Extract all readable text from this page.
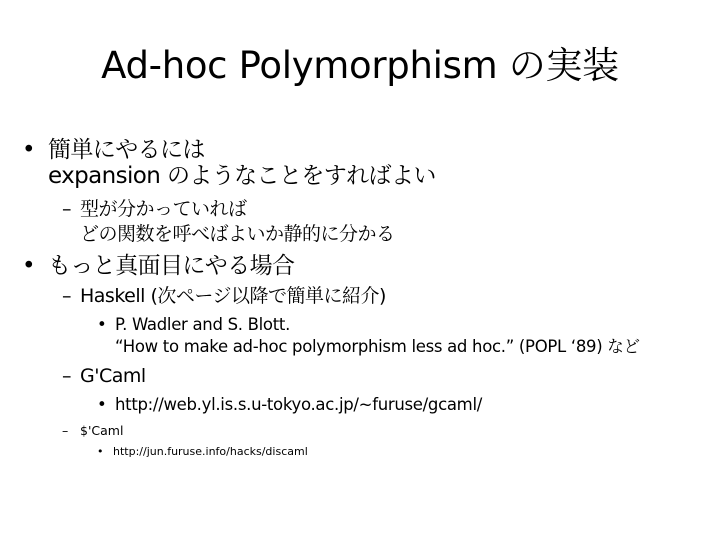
Ad-hoc Polymorphism の実装
• 簡単にやるには
expansion のようなことをすればよい
– 型が分かっていれば
どの関数を呼べばよいか静的に分かる
• もっと真面目にやる場合
– Haskell (次ページ以降で簡単に紹介)
• P. Wadler and S. Blott.
“How to make ad-hoc polymorphism less ad hoc.” (POPL ‘89) など
– G'Caml
• http://web.yl.is.s.u-tokyo.ac.jp/~furuse/gcaml/
– $'Caml
• http://jun.furuse.info/hacks/discaml
